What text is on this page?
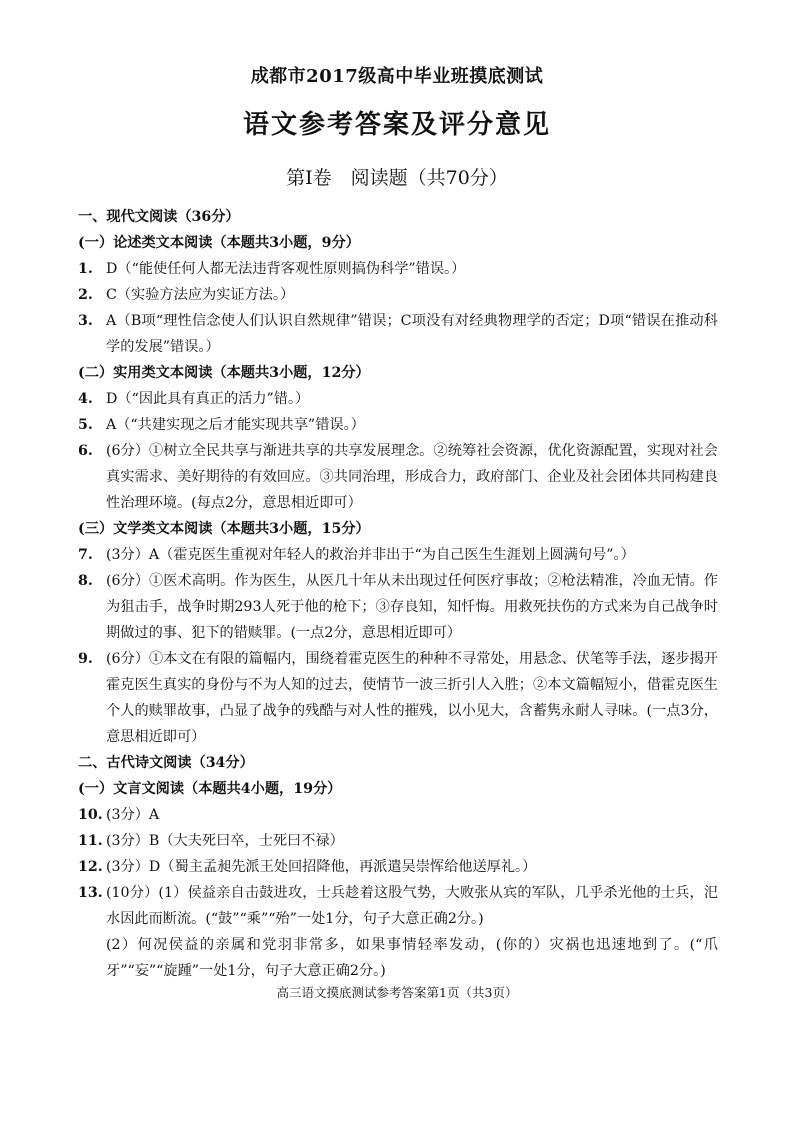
成都市2017级高中毕业班摸底测试
语文参考答案及评分意见
第Ⅰ卷　阅读题（共70分）

一、现代文阅读（36分）

(一）论述类文本阅读（本题共3小题，9分）

1. D（“能使任何人都无法违背客观性原则搞伪科学”错误。）
2. C（实验方法应为实证方法。）
3. A（B项“理性信念使人们认识自然规律”错误；C项没有对经典物理学的否定；D项“错误在推动科学的发展”错误。）

(二）实用类文本阅读（本题共3小题，12分）

4. D（“因此具有真正的活力”错。）
5. A（“共建实现之后才能实现共享”错误。）
6. (6分）①树立全民共享与渐进共享的共享发展理念。②统筹社会资源，优化资源配置，实现对社会真实需求、美好期待的有效回应。③共同治理，形成合力，政府部门、企业及社会团体共同构建良性治理环境。(每点2分，意思相近即可）

(三）文学类文本阅读（本题共3小题，15分）

7. (3分）A（霍克医生重视对年轻人的救治并非出于“为自己医生生涯划上圆满句号”。）
8. (6分）①医术高明。作为医生，从医几十年从未出现过任何医疗事故；②枪法精准，冷血无情。作为狙击手，战争时期293人死于他的枪下；③存良知，知忏悔。用救死扶伤的方式来为自己战争时期做过的事、犯下的错赎罪。(一点2分，意思相近即可）
9. (6分）①本文在有限的篇幅内，围绕着霍克医生的种种不寻常处，用悬念、伏笔等手法，逐步揭开霍克医生真实的身份与不为人知的过去，使情节一波三折引人入胜；②本文篇幅短小，借霍克医生个人的赎罪故事，凸显了战争的残酷与对人性的摧残，以小见大，含蓄隽永耐人寻味。(一点3分，意思相近即可）

二、古代诗文阅读（34分）

(一）文言文阅读（本题共4小题，19分）

10. (3分）A
11. (3分）B（大夫死曰卒，士死曰不禄）
12. (3分）D（蜀主孟昶先派王处回招降他，再派遣吴崇恽给他送厚礼。）
13. (10分）(1）侯益亲自击鼓进攻，士兵趁着这股气势，大败张从宾的军队，几乎杀光他的士兵，汜水因此而断流。(“鼓”“乘”“殆”一处1分，句子大意正确2分。)
(2）何况侯益的亲属和党羽非常多，如果事情轻率发动，(你的）灾祸也迅速地到了。(“爪牙”“妄”“旋踵”一处1分，句子大意正确2分。)
高三语文摸底测试参考答案第1页（共3页）
